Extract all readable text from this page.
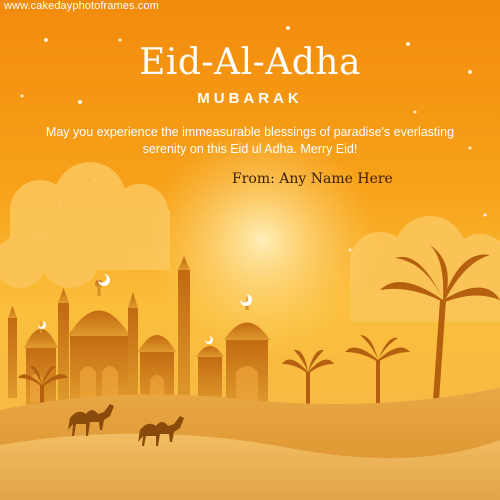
www.cakedayphotoframes.com
Eid-Al-Adha
MUBARAK
May you experience the immeasurable blessings of paradise's everlasting serenity on this Eid ul Adha. Merry Eid!
From: Any Name Here
